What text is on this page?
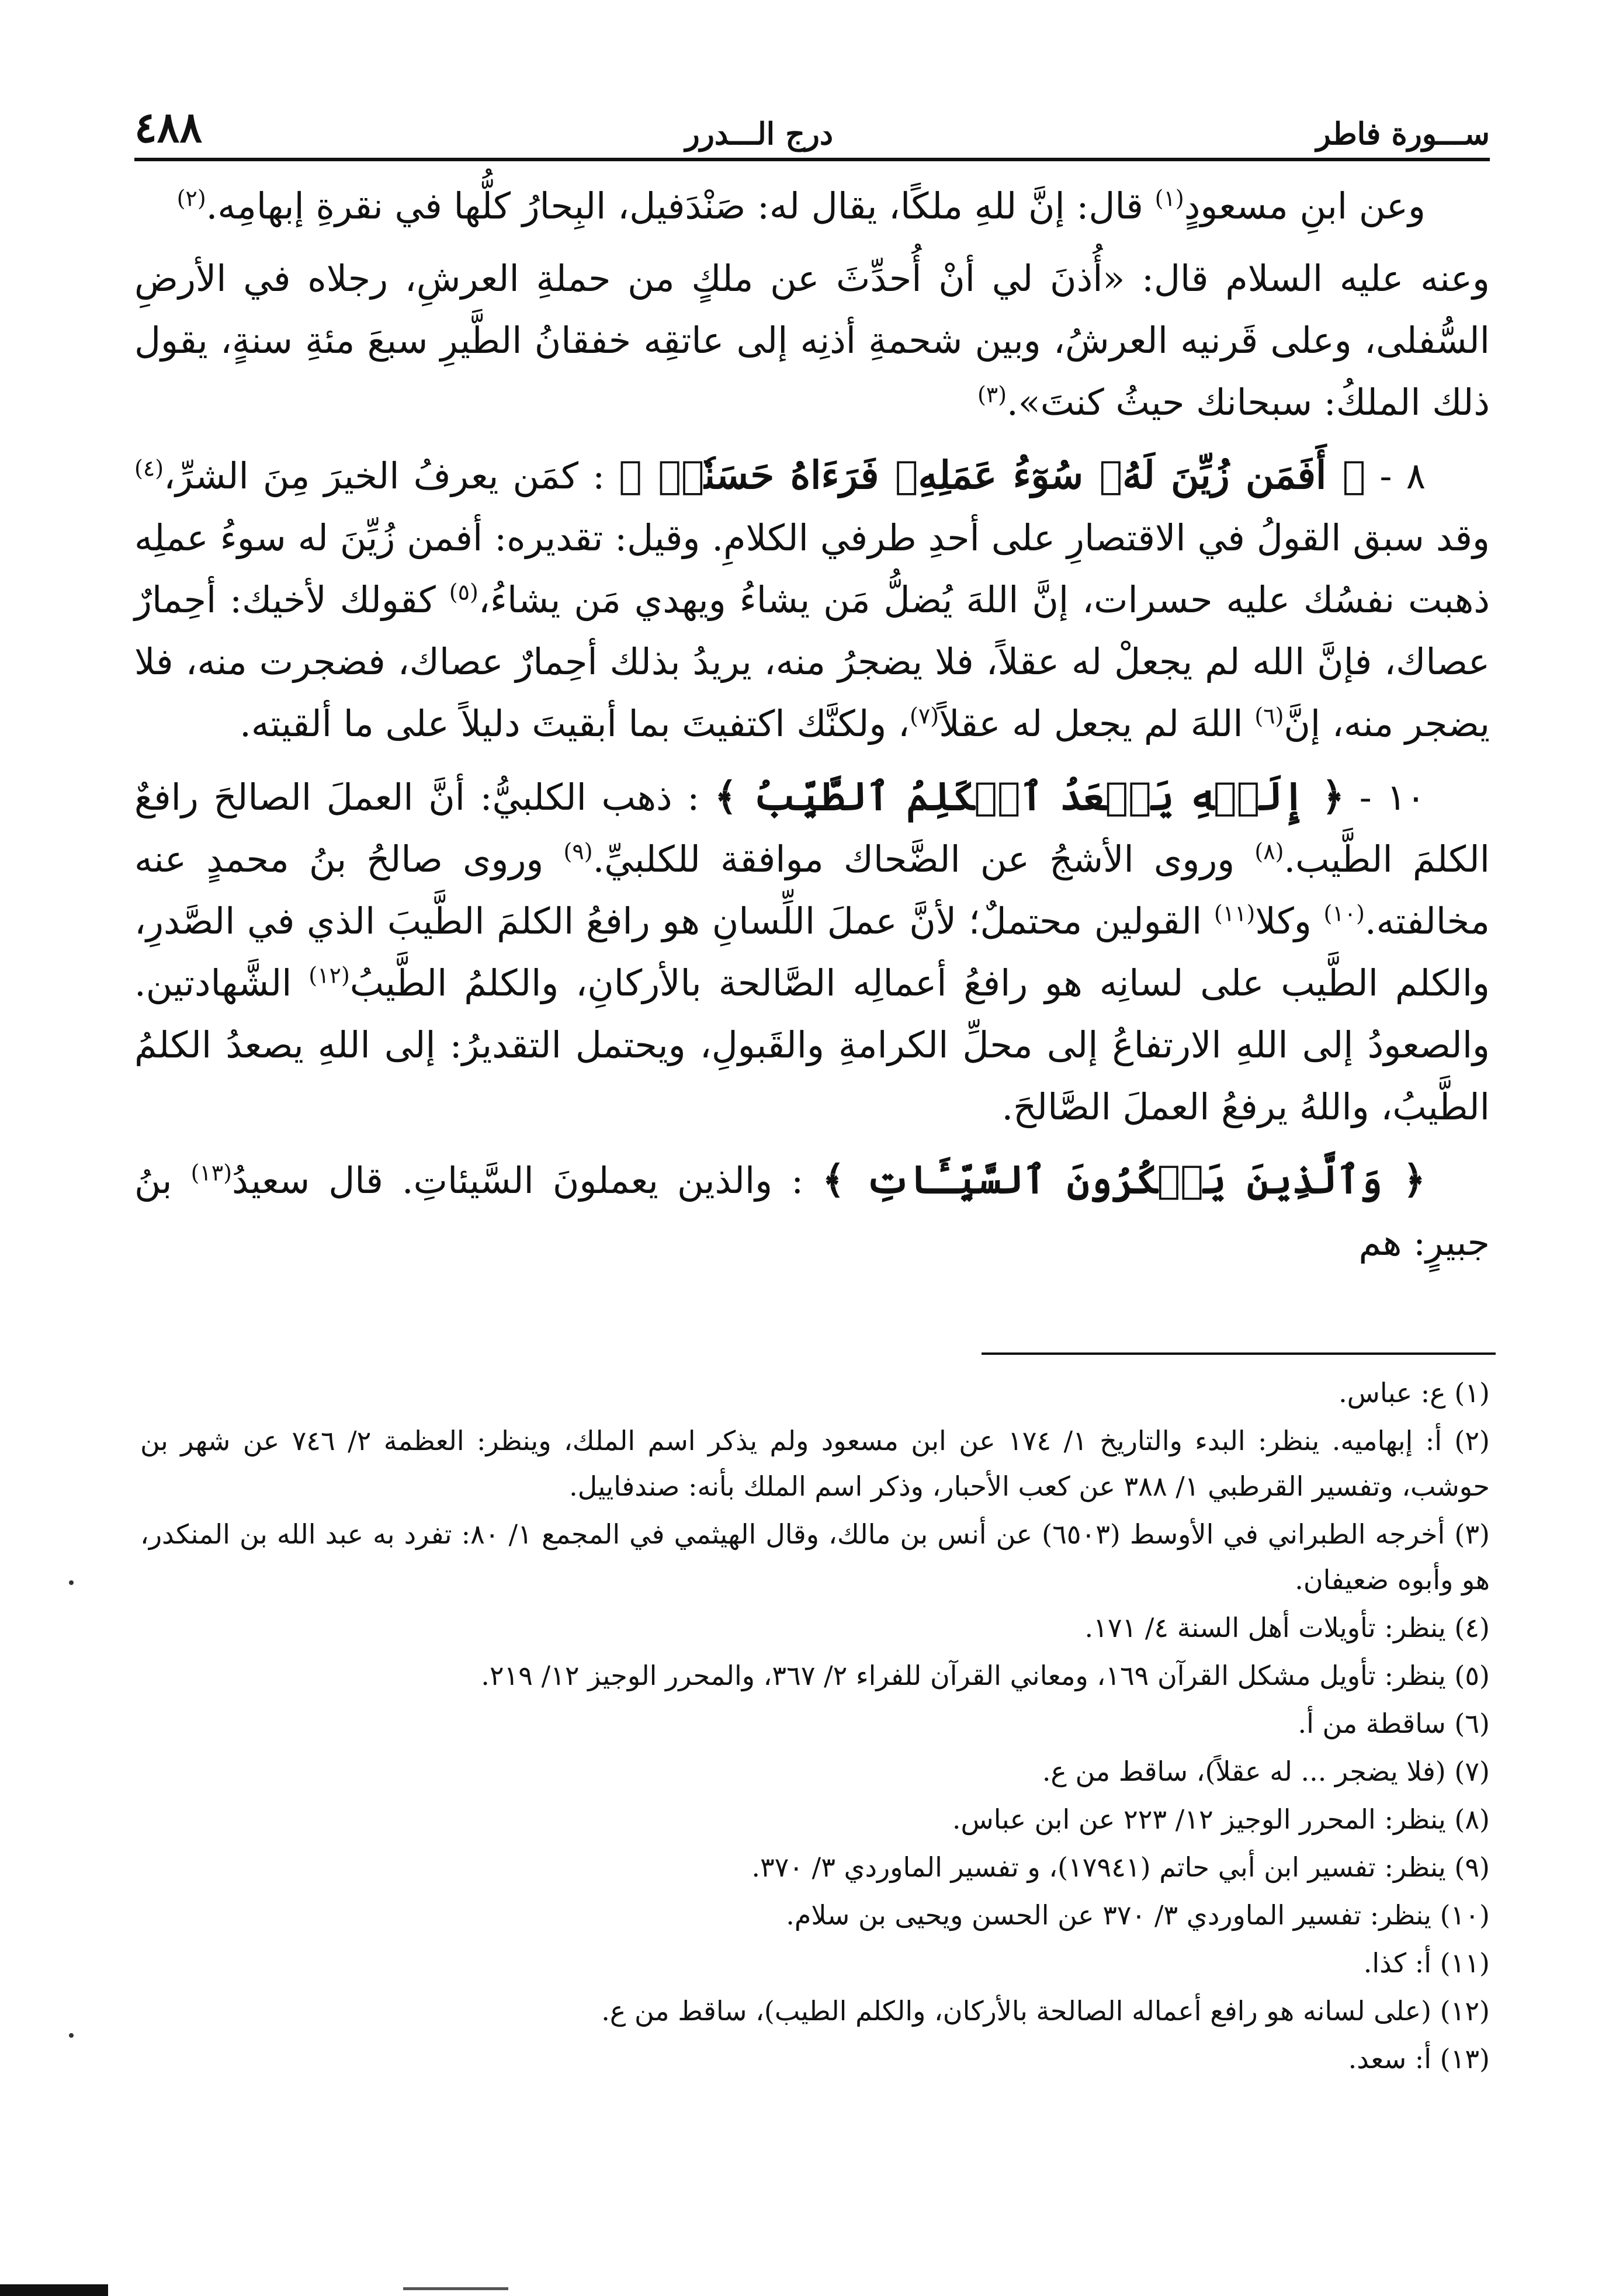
ســـورة فاطر
درج الـــدرر
٤٨٨

وعن ابنِ مسعودٍ$^{(١)}$ قال: إنَّ للهِ ملكًا، يقال له: صَنْدَفيل، البِحارُ كلُّها في نقرةِ إبهامِه.$^{(٢)}$

وعنه عليه السلام قال: «أُذنَ لي أنْ أُحدِّثَ عن ملكٍ من حملةِ العرشِ، رجلاه في الأرضِ السُّفلى، وعلى قَرنيه العرشُ، وبين شحمةِ أذنِه إلى عاتقِه خفقانُ الطَّيرِ سبعَ مئةِ سنةٍ، يقول ذلك الملكُ: سبحانك حيثُ كنتَ».$^{(٣)}$

٨ - ﴿ أَفَمَن زُيِّنَ لَهُۥ سُوٓءُ عَمَلِهِۦ فَرَءَاهُ حَسَنٗاۖ ﴾ : كمَن يعرفُ الخيرَ مِنَ الشرِّ،$^{(٤)}$ وقد سبق القولُ في الاقتصارِ على أحدِ طرفي الكلامِ. وقيل: تقديره: أفمن زُيِّنَ له سوءُ عملِه ذهبت نفسُك عليه حسرات، إنَّ اللهَ يُضلُّ مَن يشاءُ ويهدي مَن يشاءُ،$^{(٥)}$ كقولك لأخيك: أحِمارٌ عصاك، فإنَّ الله لم يجعلْ له عقلاً، فلا يضجرُ منه، يريدُ بذلك أحِمارٌ عصاك، فضجرت منه، فلا يضجر منه، إنَّ$^{(٦)}$ اللهَ لم يجعل له عقلاً$^{(٧)}$، ولكنَّك اكتفيتَ بما أبقيتَ دليلاً على ما ألقيته.

١٠ - ﴿ إِلَيۡهِ يَصۡعَدُ ٱلۡكَلِمُ ٱلطَّيِّبُ ﴾ : ذهب الكلبيُّ: أنَّ العملَ الصالحَ رافعٌ الكلمَ الطَّيب.$^{(٨)}$ وروى الأشجُ عن الضَّحاك موافقة للكلبيِّ.$^{(٩)}$ وروى صالحُ بنُ محمدٍ عنه مخالفته.$^{(١٠)}$ وكلا$^{(١١)}$ القولين محتملٌ؛ لأنَّ عملَ اللِّسانِ هو رافعُ الكلمَ الطَّيبَ الذي في الصَّدرِ، والكلم الطَّيب على لسانِه هو رافعُ أعمالِه الصَّالحة بالأركانِ، والكلمُ الطَّيبُ$^{(١٢)}$ الشَّهادتين. والصعودُ إلى اللهِ الارتفاعُ إلى محلِّ الكرامةِ والقَبولِ، ويحتمل التقديرُ: إلى اللهِ يصعدُ الكلمُ الطَّيبُ، واللهُ يرفعُ العملَ الصَّالحَ.

﴿ وَٱلَّذِينَ يَمۡكُرُونَ ٱلسَّيِّـَٔاتِ ﴾ : والذين يعملونَ السَّيئاتِ. قال سعيدُ$^{(١٣)}$ بنُ جبيرٍ: هم

(١) ع: عباس.

(٢) أ: إبهاميه. ينظر: البدء والتاريخ ١/ ١٧٤ عن ابن مسعود ولم يذكر اسم الملك، وينظر: العظمة ٢/ ٧٤٦ عن شهر بن حوشب، وتفسير القرطبي ١/ ٣٨٨ عن كعب الأحبار، وذكر اسم الملك بأنه: صندفاييل.

(٣) أخرجه الطبراني في الأوسط (٦٥٠٣) عن أنس بن مالك، وقال الهيثمي في المجمع ١/ ٨٠: تفرد به عبد الله بن المنكدر، هو وأبوه ضعيفان.

(٤) ينظر: تأويلات أهل السنة ٤/ ١٧١.

(٥) ينظر: تأويل مشكل القرآن ١٦٩، ومعاني القرآن للفراء ٢/ ٣٦٧، والمحرر الوجيز ١٢/ ٢١٩.

(٦) ساقطة من أ.

(٧) (فلا يضجر ... له عقلاً)، ساقط من ع.

(٨) ينظر: المحرر الوجيز ١٢/ ٢٢٣ عن ابن عباس.

(٩) ينظر: تفسير ابن أبي حاتم (١٧٩٤١)، و تفسير الماوردي ٣/ ٣٧٠.

(١٠) ينظر: تفسير الماوردي ٣/ ٣٧٠ عن الحسن ويحيى بن سلام.

(١١) أ: كذا.

(١٢) (على لسانه هو رافع أعماله الصالحة بالأركان، والكلم الطيب)، ساقط من ع.

(١٣) أ: سعد.
